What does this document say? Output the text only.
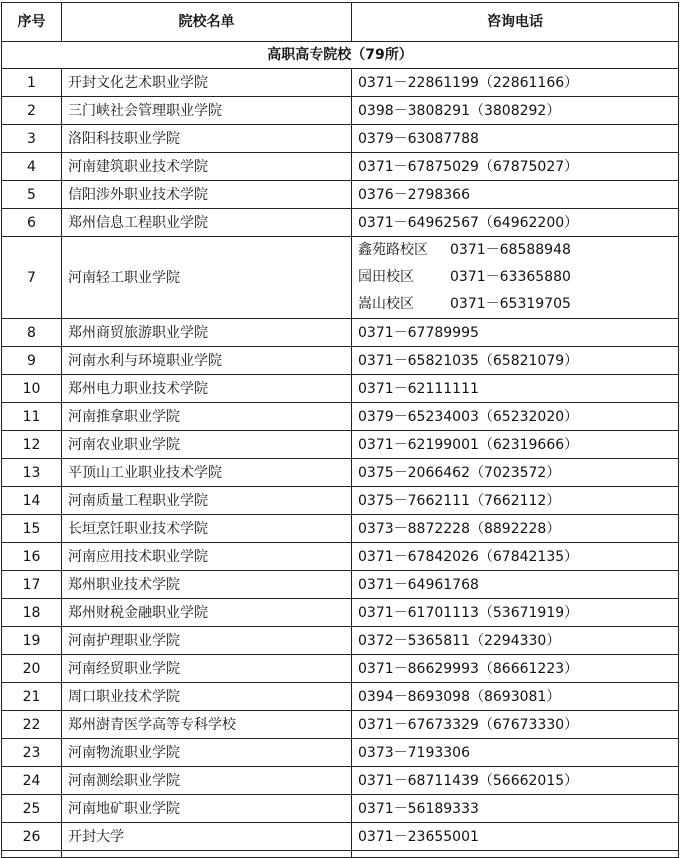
序号	院校名单	咨询电话
高职高专院校（79所）		
1	开封文化艺术职业学院	0371－22861199（22861166）
2	三门峡社会管理职业学院	0398－3808291（3808292）
3	洛阳科技职业学院	0379－63087788
4	河南建筑职业技术学院	0371－67875029（67875027）
5	信阳涉外职业技术学院	0376－2798366
6	郑州信息工程职业学院	0371－64962567（64962200）
7	河南轻工职业学院	鑫苑路校区 0371－68588948
园田校区 0371－63365880
嵩山校区 0371－65319705

8	郑州商贸旅游职业学院	0371－67789995
9	河南水利与环境职业学院	0371－65821035（65821079）
10	郑州电力职业技术学院	0371－62111111
11	河南推拿职业学院	0379－65234003（65232020）
12	河南农业职业学院	0371－62199001（62319666）
13	平顶山工业职业技术学院	0375－2066462（7023572）
14	河南质量工程职业学院	0375－7662111（7662112）
15	长垣烹饪职业技术学院	0373－8872228（8892228）
16	河南应用技术职业学院	0371－67842026（67842135）
17	郑州职业技术学院	0371－64961768
18	郑州财税金融职业学院	0371－61701113（53671919）
19	河南护理职业学院	0372－5365811（2294330）
20	河南经贸职业学院	0371－86629993（86661223）
21	周口职业技术学院	0394－8693098（8693081）
22	郑州澍青医学高等专科学校	0371－67673329（67673330）
23	河南物流职业学院	0373－7193306
24	河南测绘职业学院	0371－68711439（56662015）
25	河南地矿职业学院	0371－56189333
26	开封大学	0371－23655001
